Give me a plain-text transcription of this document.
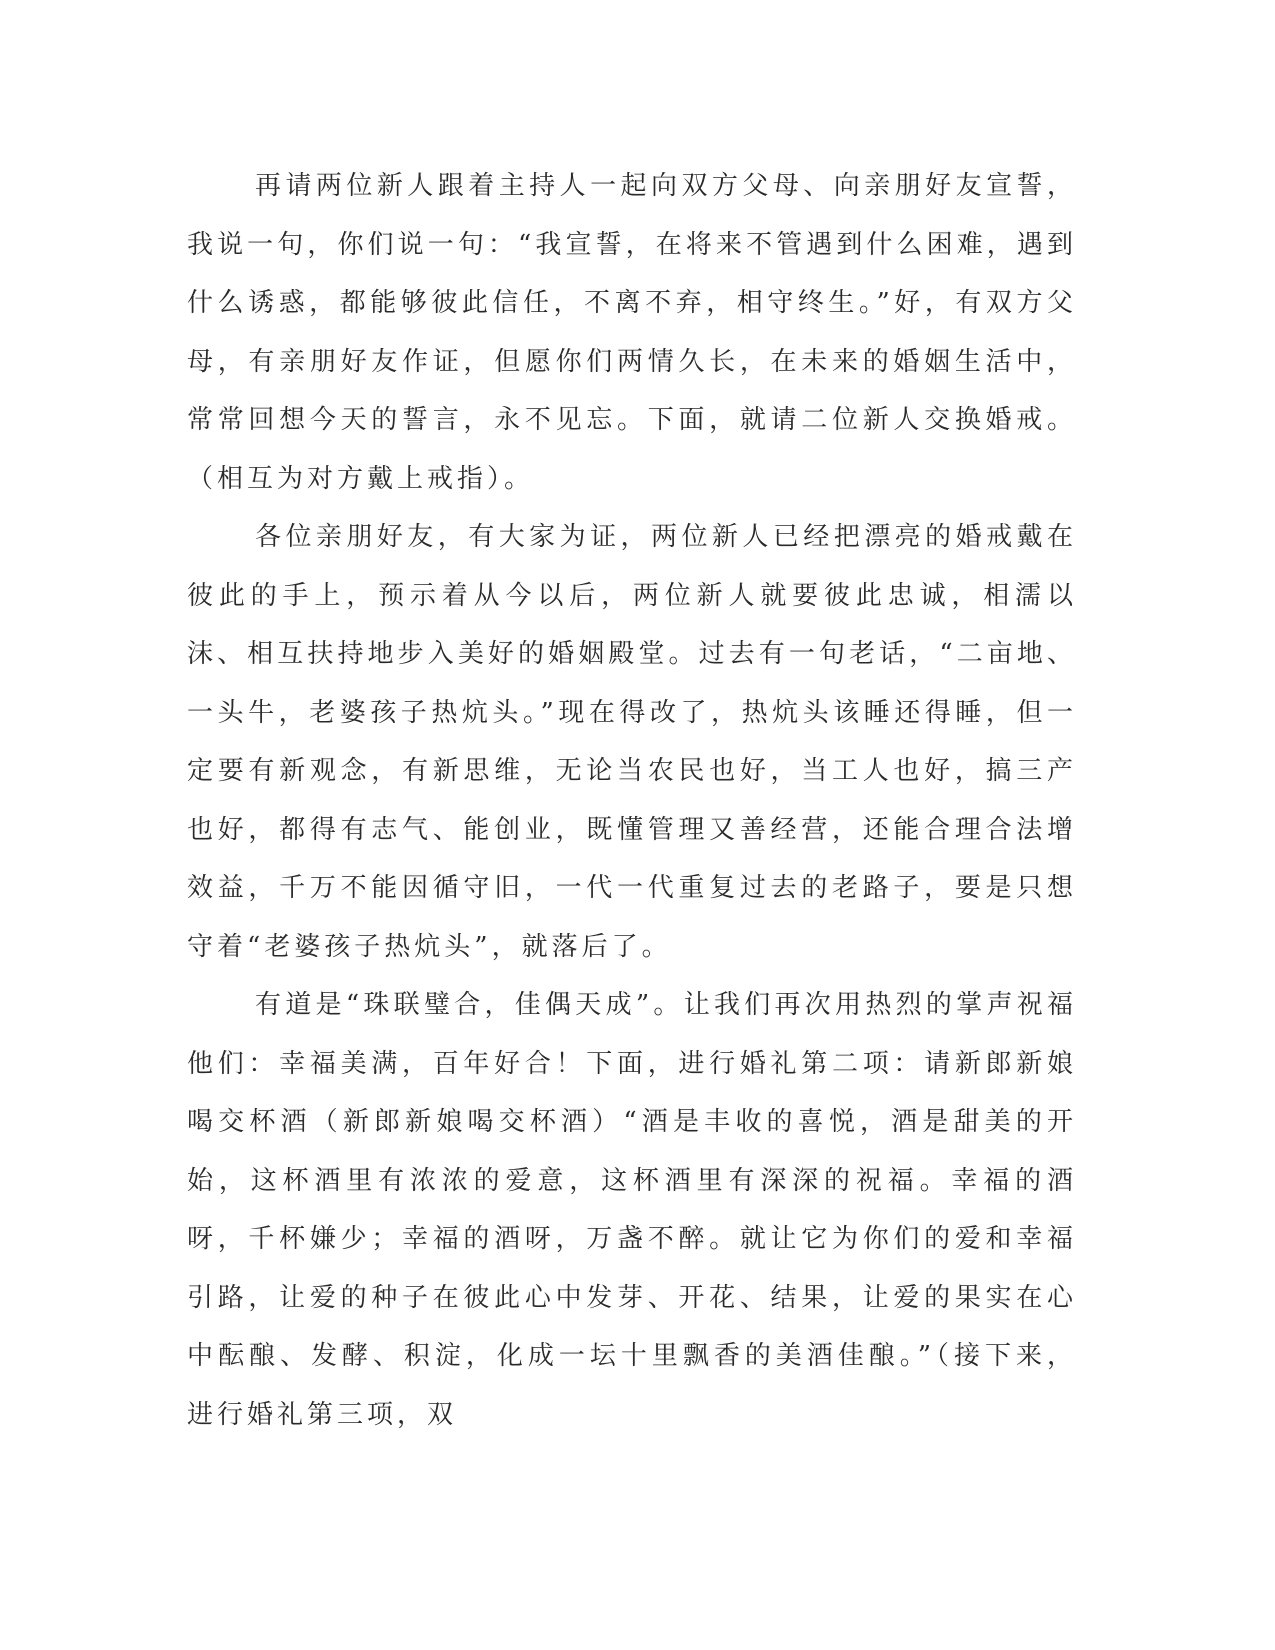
再请两位新人跟着主持人一起向双方父母、向亲朋好友宣誓，我说一句，你们说一句：“我宣誓，在将来不管遇到什么困难，遇到什么诱惑，都能够彼此信任，不离不弃，相守终生。”好，有双方父母，有亲朋好友作证，但愿你们两情久长，在未来的婚姻生活中，常常回想今天的誓言，永不见忘。下面，就请二位新人交换婚戒。（相互为对方戴上戒指）。

各位亲朋好友，有大家为证，两位新人已经把漂亮的婚戒戴在彼此的手上，预示着从今以后，两位新人就要彼此忠诚，相濡以沫、相互扶持地步入美好的婚姻殿堂。过去有一句老话，“二亩地、一头牛，老婆孩子热炕头。”现在得改了，热炕头该睡还得睡，但一定要有新观念，有新思维，无论当农民也好，当工人也好，搞三产也好，都得有志气、能创业，既懂管理又善经营，还能合理合法增效益，千万不能因循守旧，一代一代重复过去的老路子，要是只想守着“老婆孩子热炕头”，就落后了。

有道是“珠联璧合，佳偶天成”。让我们再次用热烈的掌声祝福他们：幸福美满，百年好合！下面，进行婚礼第二项：请新郎新娘喝交杯酒（新郎新娘喝交杯酒）“酒是丰收的喜悦，酒是甜美的开始，这杯酒里有浓浓的爱意，这杯酒里有深深的祝福。幸福的酒呀，千杯嫌少；幸福的酒呀，万盏不醉。就让它为你们的爱和幸福引路，让爱的种子在彼此心中发芽、开花、结果，让爱的果实在心中酝酿、发酵、积淀，化成一坛十里飘香的美酒佳酿。”（接下来，进行婚礼第三项，双
